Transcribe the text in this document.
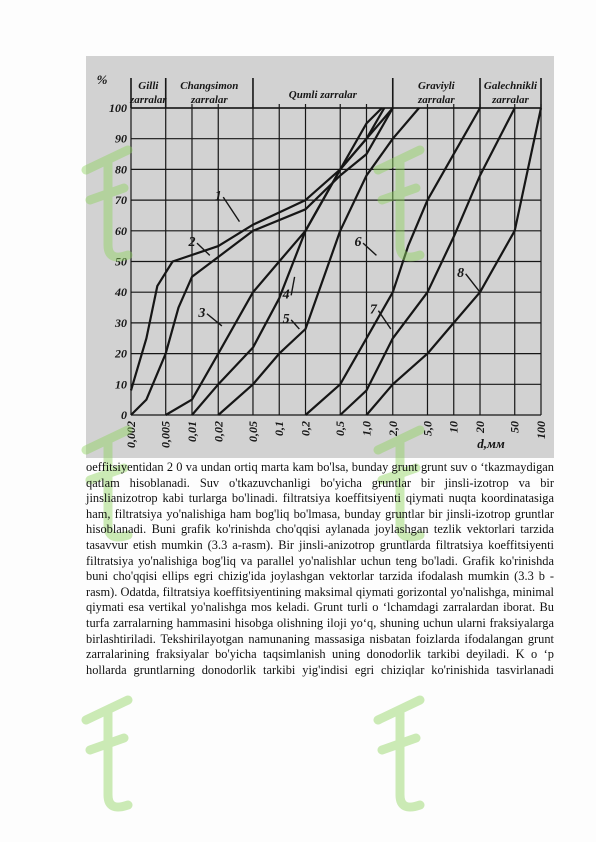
100
90
80
70
60
50
40
30
20
10
0
%
0,002 0,005 0,01 0,02 0,05 0,1 0,2 0,5 1,0 2,0 5,0 10 20 50 100
d,мм
Gilli
zarralar
Changsimon
zarralar	Qumli zarralar
Graviyli
zarralar
Galechnikli
zarralar
1
2
3
4
5
6
7
8

oeffitsiyentidan 2 0 va undan ortiq marta kam bo'lsa, bunday grunt grunt suv o ‘tkazmaydigan qatlam hisoblanadi. Suv o'tkazuvchanligi bo'yicha gruntlar bir jinsli-izotrop va bir jinslianizotrop kabi turlarga bo'linadi. filtratsiya koeffitsiyenti qiymati nuqta koordinatasiga ham, filtratsiya yo'nalishiga ham bog'liq bo'lmasa, bunday gruntlar bir jinsli-izotrop gruntlar hisoblanadi. Buni grafik ko'rinishda cho'qqisi aylanada joylashgan tezlik vektorlari tarzida tasavvur etish mumkin (3.3 a-rasm). Bir jinsli-anizotrop gruntlarda filtratsiya koeffitsiyenti filtratsiya yo'nalishiga bog'liq va parallel yo'nalishlar uchun teng bo'ladi. Grafik ko'rinishda buni cho'qqisi ellips egri chizig'ida joylashgan vektorlar tarzida ifodalash mumkin (3.3 b - rasm). Odatda, filtratsiya koeffitsiyentining maksimal qiymati gorizontal yo'nalishga, minimal qiymati esa vertikal yo'nalishga mos keladi. Grunt turli o ‘lchamdagi zarralardan iborat. Bu turfa zarralarning hammasini hisobga olishning iloji yo‘q, shuning uchun ularni fraksiyalarga birlashtiriladi. Tekshirilayotgan namunaning massasiga nisbatan foizlarda ifodalangan grunt zarralarining fraksiyalar bo'yicha taqsimlanish uning donodorlik tarkibi deyiladi. K o ‘p hollarda gruntlarning donodorlik tarkibi yig'indisi egri chiziqlar ko'rinishida tasvirlanadi
